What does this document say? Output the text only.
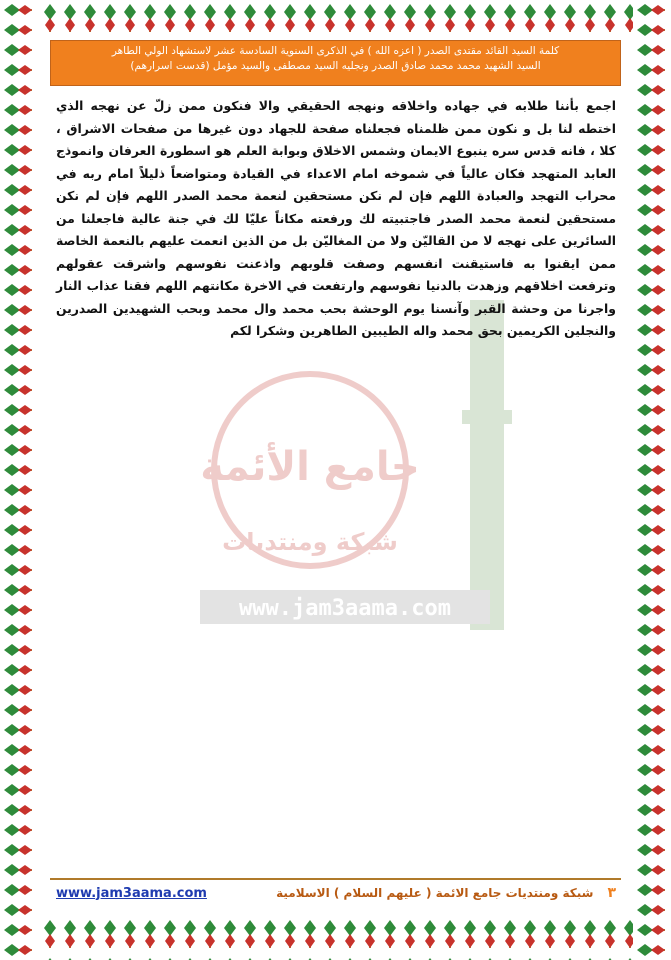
كلمة السيد القائد مقتدى الصدر ( اعزه الله ) في الذكرى السنوية السادسة عشر لاستشهاد الولي الطاهر
السيد الشهيد محمد محمد صادق الصدر ونجليه السيد مصطفى والسيد مؤمل (قدست اسرارهم)
جامع الأئمة
شبكة ومنتديات
www.jam3aama.com
اجمع بأننا طلابه في جهاده واخلاقه ونهجه الحقيقي والا فنكون ممن زلّ عن نهجه الذي اختطه لنا بل و نكون ممن ظلمناه فجعلناه صفحة للجهاد دون غيرها من صفحات الاشراق ، كلا ، فانه قدس سره ينبوع الايمان وشمس الاخلاق وبوابة العلم هو اسطورة العرفان وانموذج العابد المتهجد فكان عالياً في شموخه امام الاعداء في القيادة ومتواضعاً ذليلاً امام ربه في محراب التهجد والعبادة اللهم فإن لم نكن مستحقين لنعمة محمد الصدر اللهم فإن لم نكن مستحقين لنعمة محمد الصدر فاجتبيته لك ورفعته مكاناً عليّا لك في جنة عالية فاجعلنا من السائرين على نهجه لا من القاليّن ولا من المغاليّن بل من الذين انعمت عليهم بالنعمة الخاصة ممن ايقنوا به فاستيقنت انفسهم وصفت قلوبهم واذعنت نفوسهم واشرقت عقولهم وترفعت اخلاقهم وزهدت بالدنيا نفوسهم وارتفعت في الاخرة مكانتهم اللهم فقنا عذاب النار واجرنا من وحشة القبر وآنسنا يوم الوحشة بحب محمد وال محمد وبحب الشهيدين الصدرين والنجلين الكريمين بحق محمد واله الطيبين الطاهرين وشكرا لكم
www.jam3aama.com	٣
شبكة ومنتديات جامع الائمة ( عليهم السلام ) الاسلامية
